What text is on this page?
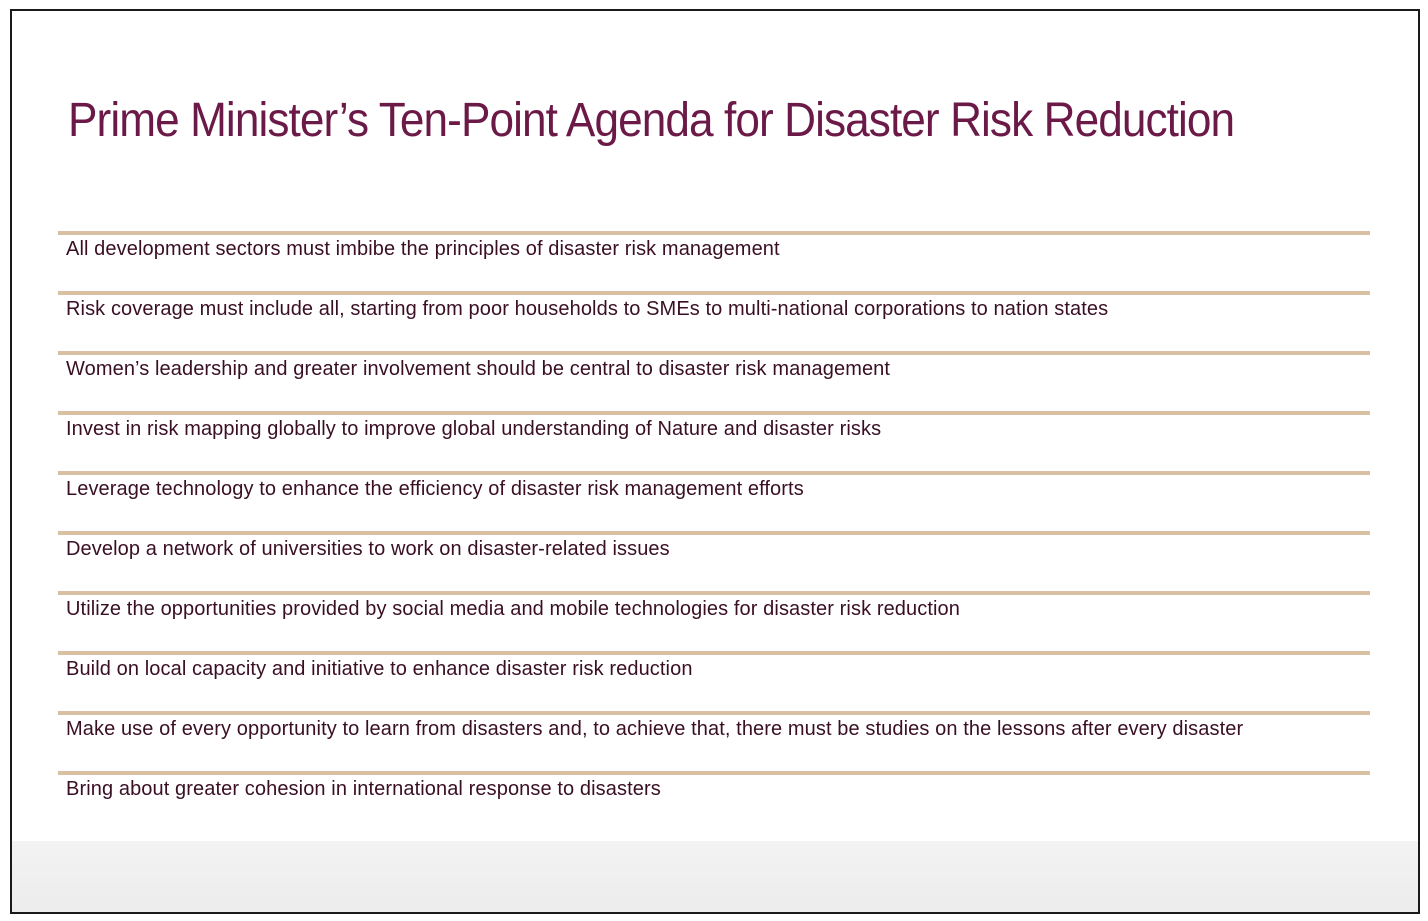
Prime Minister’s Ten-Point Agenda for Disaster Risk Reduction
All development sectors must imbibe the principles of disaster risk management
Risk coverage must include all, starting from poor households to SMEs to multi-national corporations to nation states
Women’s leadership and greater involvement should be central to disaster risk management
Invest in risk mapping globally to improve global understanding of Nature and disaster risks
Leverage technology to enhance the efficiency of disaster risk management efforts
Develop a network of universities to work on disaster-related issues
Utilize the opportunities provided by social media and mobile technologies for disaster risk reduction
Build on local capacity and initiative to enhance disaster risk reduction
Make use of every opportunity to learn from disasters and, to achieve that, there must be studies on the lessons after every disaster
Bring about greater cohesion in international response to disasters
